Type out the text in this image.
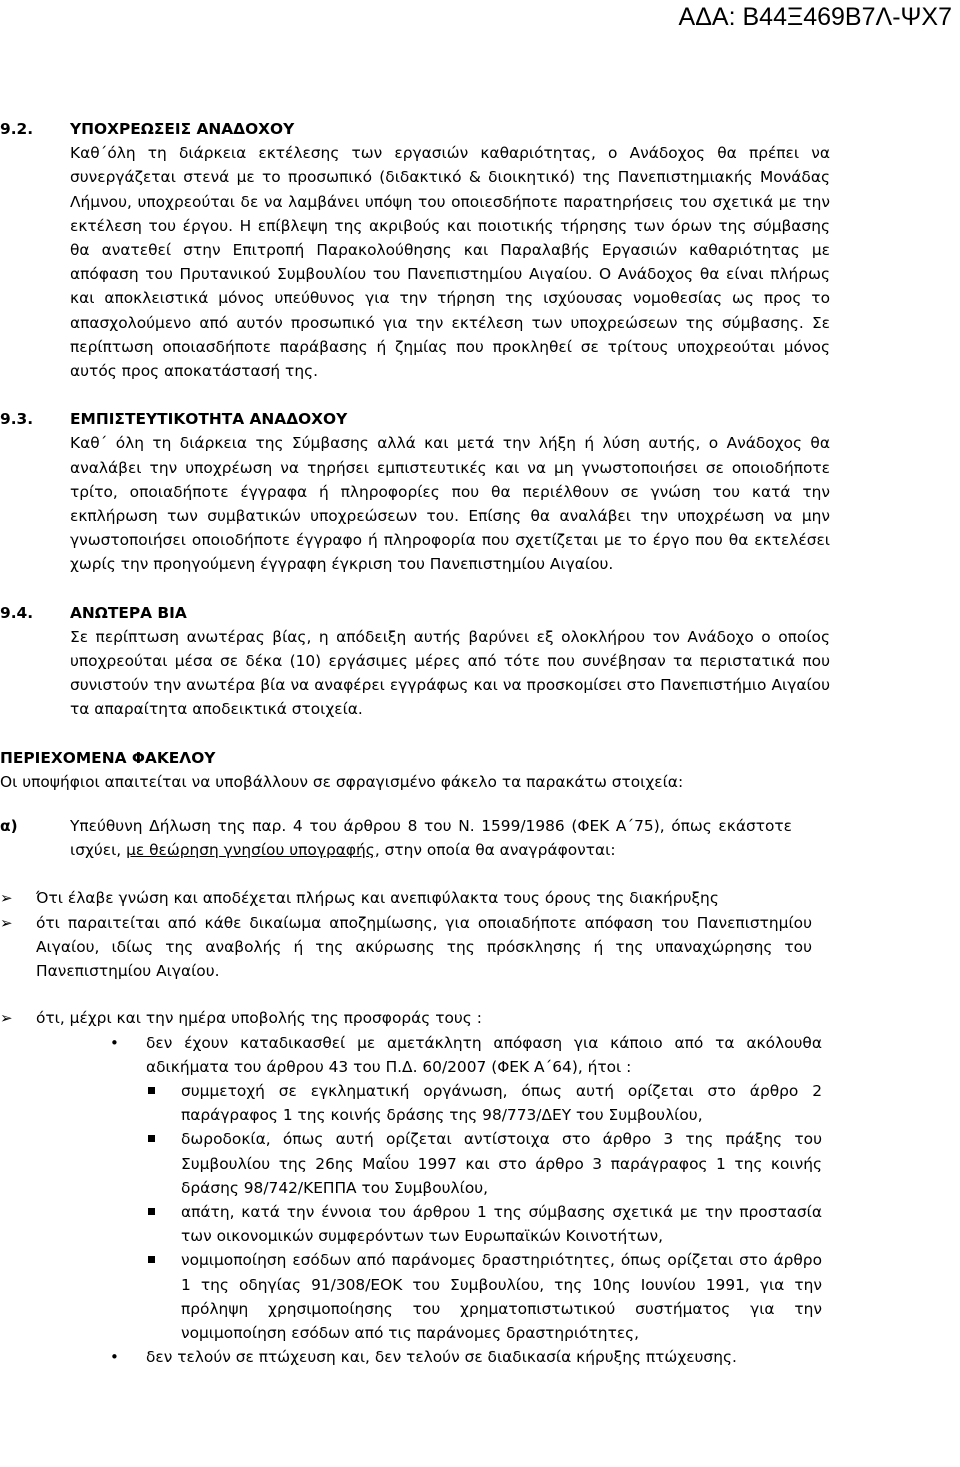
ΑΔΑ: Β44Ξ469Β7Λ-ΨΧ7
9.2. ΥΠΟΧΡΕΩΣΕΙΣ ΑΝΑΔΟΧΟΥ

Καθ΄όλη τη διάρκεια εκτέλεσης των εργασιών καθαριότητας, ο Ανάδοχος θα πρέπει να συνεργάζεται στενά με το προσωπικό (διδακτικό & διοικητικό) της Πανεπιστημιακής Μονάδας Λήμνου, υποχρεούται δε να λαμβάνει υπόψη του οποιεσδήποτε παρατηρήσεις του σχετικά με την εκτέλεση του έργου. Η επίβλεψη της ακριβούς και ποιοτικής τήρησης των όρων της σύμβασης θα ανατεθεί στην Επιτροπή Παρακολούθησης και Παραλαβής Εργασιών καθαριότητας με απόφαση του Πρυτανικού Συμβουλίου του Πανεπιστημίου Αιγαίου. Ο Ανάδοχος θα είναι πλήρως και αποκλειστικά μόνος υπεύθυνος για την τήρηση της ισχύουσας νομοθεσίας ως προς το απασχολούμενο από αυτόν προσωπικό για την εκτέλεση των υποχρεώσεων της σύμβασης. Σε περίπτωση οποιασδήποτε παράβασης ή ζημίας που προκληθεί σε τρίτους υποχρεούται μόνος αυτός προς αποκατάστασή της.

9.3. ΕΜΠΙΣΤΕΥΤΙΚΟΤΗΤΑ ΑΝΑΔΟΧΟΥ

Καθ΄ όλη τη διάρκεια της Σύμβασης αλλά και μετά την λήξη ή λύση αυτής, ο Ανάδοχος θα αναλάβει την υποχρέωση να τηρήσει εμπιστευτικές και να μη γνωστοποιήσει σε οποιοδήποτε τρίτο, οποιαδήποτε έγγραφα ή πληροφορίες που θα περιέλθουν σε γνώση του κατά την εκπλήρωση των συμβατικών υποχρεώσεων του. Επίσης θα αναλάβει την υποχρέωση να μην γνωστοποιήσει οποιοδήποτε έγγραφο ή πληροφορία που σχετίζεται με το έργο που θα εκτελέσει χωρίς την προηγούμενη έγγραφη έγκριση του Πανεπιστημίου Αιγαίου.

9.4. ΑΝΩΤΕΡΑ ΒΙΑ

Σε περίπτωση ανωτέρας βίας, η απόδειξη αυτής βαρύνει εξ ολοκλήρου τον Ανάδοχο ο οποίος υποχρεούται μέσα σε δέκα (10) εργάσιμες μέρες από τότε που συνέβησαν τα περιστατικά που συνιστούν την ανωτέρα βία να αναφέρει εγγράφως και να προσκομίσει στο Πανεπιστήμιο Αιγαίου τα απαραίτητα αποδεικτικά στοιχεία.

ΠΕΡΙΕΧΟΜΕΝΑ ΦΑΚΕΛΟΥ

Οι υποψήφιοι απαιτείται να υποβάλλουν σε σφραγισμένο φάκελο τα παρακάτω στοιχεία:

α)	Υπεύθυνη Δήλωση της παρ. 4 του άρθρου 8 του Ν. 1599/1986 (ΦΕΚ Α΄75), όπως εκάστοτε ισχύει, με θεώρηση γνησίου υπογραφής, στην οποία θα αναγράφονται:
➢ Ότι έλαβε γνώση και αποδέχεται πλήρως και ανεπιφύλακτα τους όρους της διακήρυξης
➢ ότι παραιτείται από κάθε δικαίωμα αποζημίωσης, για οποιαδήποτε απόφαση του Πανεπιστημίου Αιγαίου, ιδίως της αναβολής ή της ακύρωσης της πρόσκλησης ή της υπαναχώρησης του Πανεπιστημίου Αιγαίου.
➢ ότι, μέχρι και την ημέρα υποβολής της προσφοράς τους :
• δεν έχουν καταδικασθεί με αμετάκλητη απόφαση για κάποιο από τα ακόλουθα αδικήματα του άρθρου 43 του Π.Δ. 60/2007 (ΦΕΚ Α΄64), ήτοι :
συμμετοχή σε εγκληματική οργάνωση, όπως αυτή ορίζεται στο άρθρο 2 παράγραφος 1 της κοινής δράσης της 98/773/ΔΕΥ του Συμβουλίου,
δωροδοκία, όπως αυτή ορίζεται αντίστοιχα στο άρθρο 3 της πράξης του Συμβουλίου της 26ης Μαΐου 1997 και στο άρθρο 3 παράγραφος 1 της κοινής δράσης 98/742/ΚΕΠΠΑ του Συμβουλίου,
απάτη, κατά την έννοια του άρθρου 1 της σύμβασης σχετικά με την προστασία των οικονομικών συμφερόντων των Ευρωπαϊκών Κοινοτήτων,
νομιμοποίηση εσόδων από παράνομες δραστηριότητες, όπως ορίζεται στο άρθρο 1 της οδηγίας 91/308/ΕΟΚ του Συμβουλίου, της 10ης Ιουνίου 1991, για την πρόληψη χρησιμοποίησης του χρηματοπιστωτικού συστήματος για την νομιμοποίηση εσόδων από τις παράνομες δραστηριότητες,
• δεν τελούν σε πτώχευση και, δεν τελούν σε διαδικασία κήρυξης πτώχευσης.
